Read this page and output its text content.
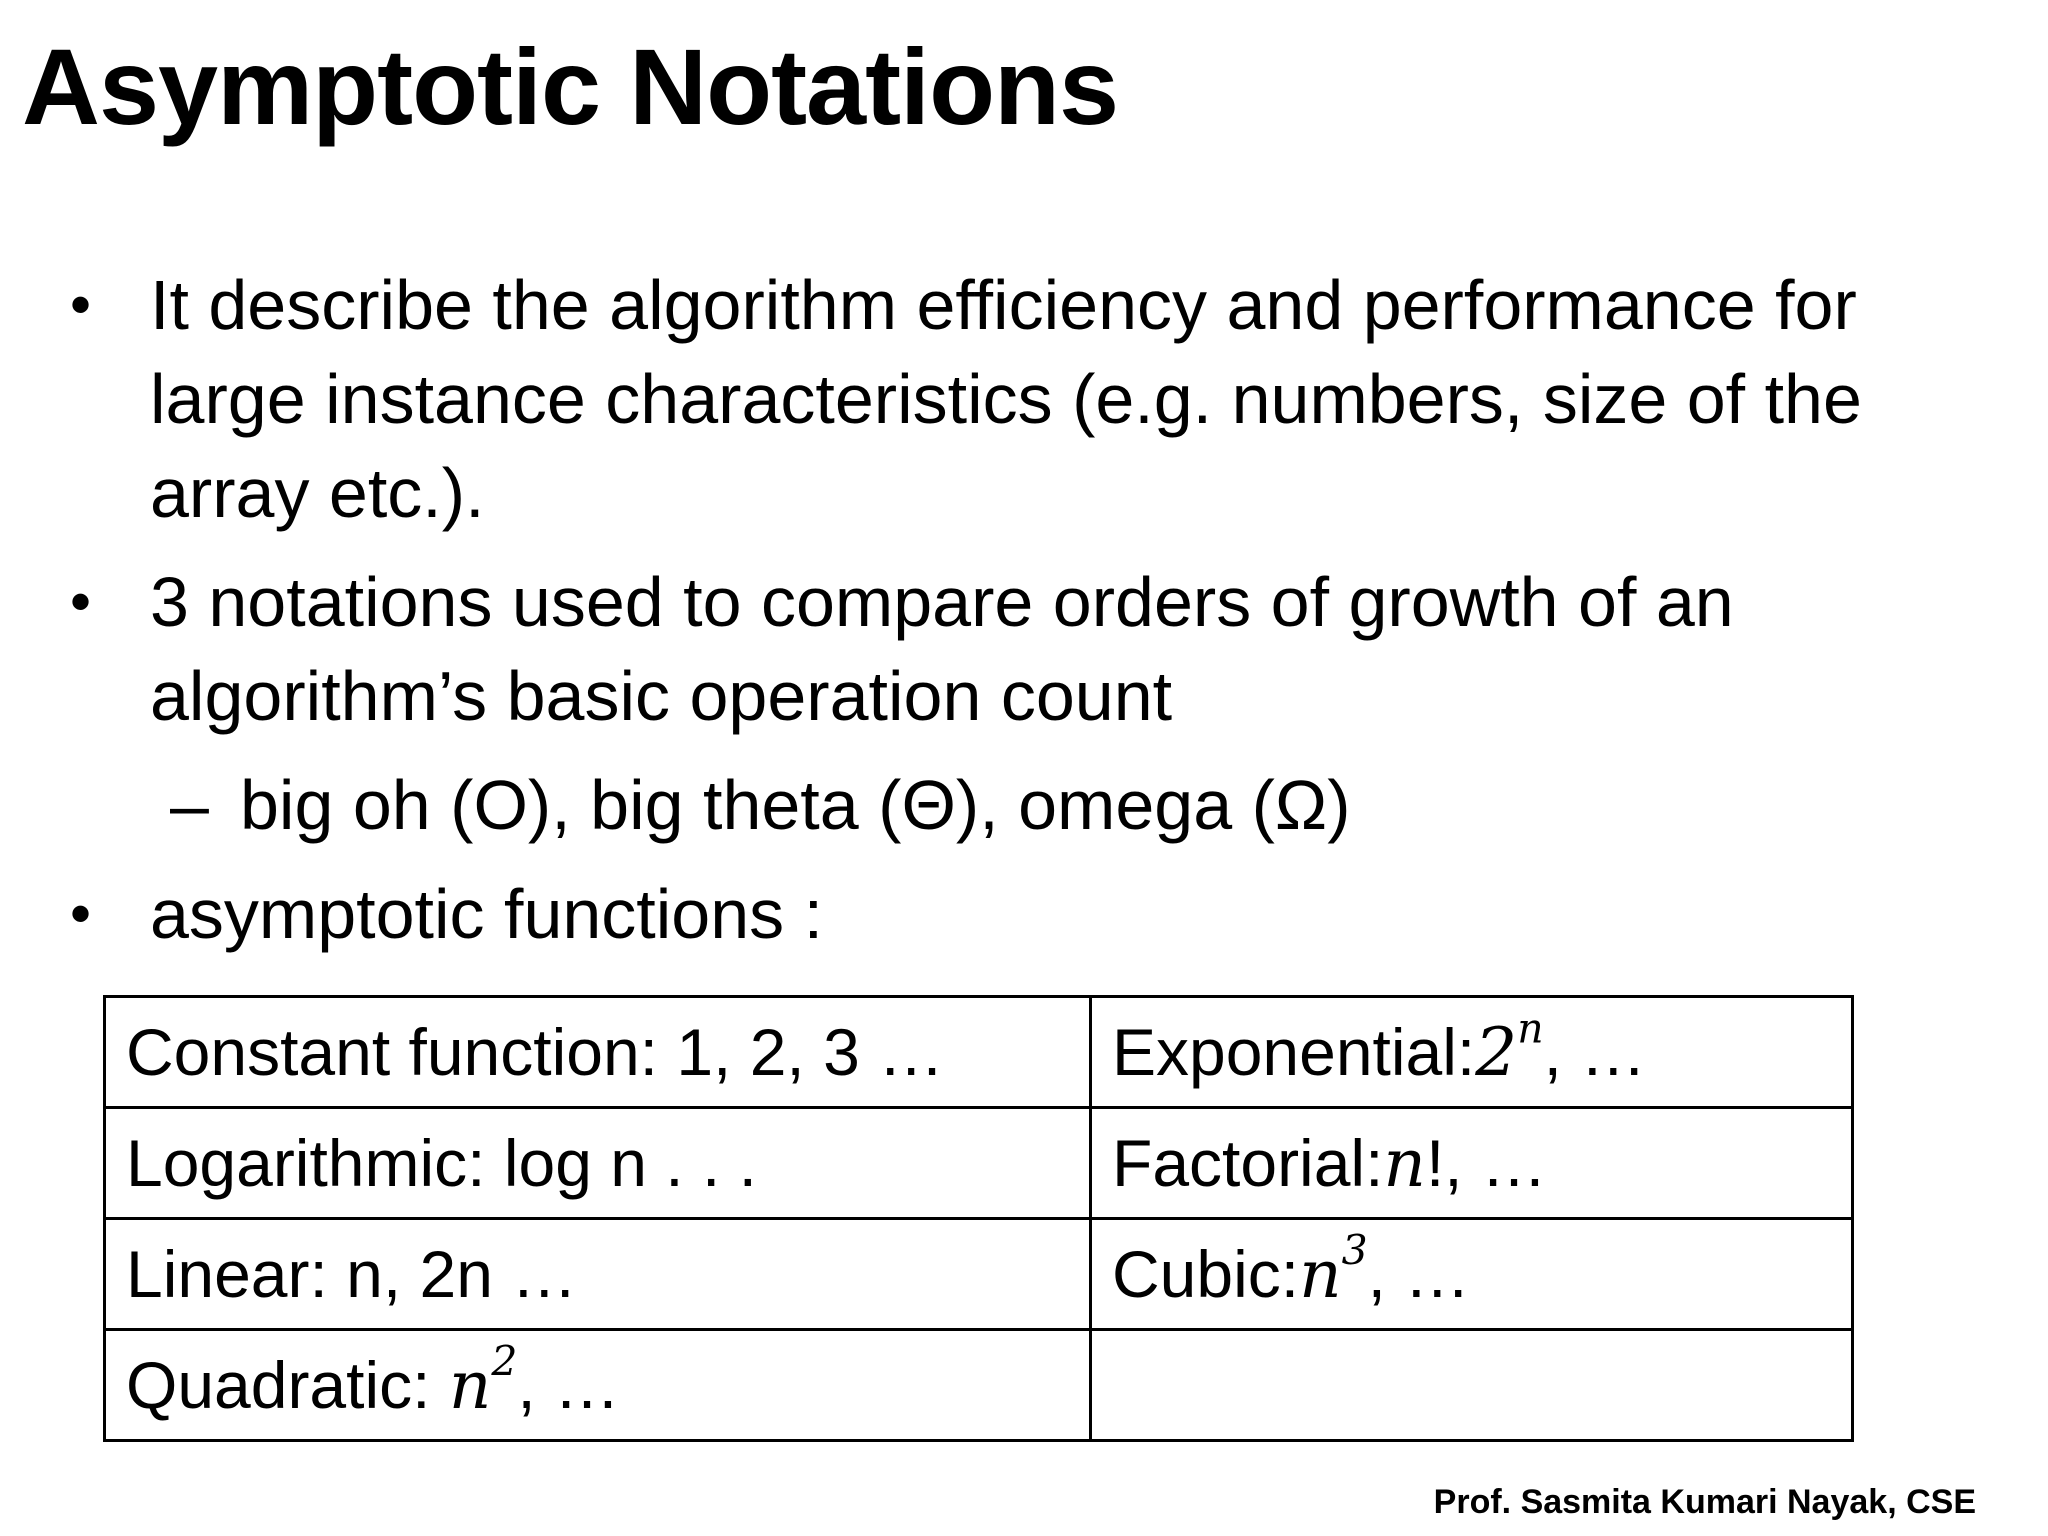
Asymptotic Notations
• It describe the algorithm efficiency and performance for large instance characteristics (e.g. numbers, size of the array etc.).
• 3 notations used to compare orders of growth of an algorithm’s basic operation count
– big oh (O), big theta (Θ), omega (Ω)
• asymptotic functions :
Constant function: 1, 2, 3 …	Exponential:2$^n$, …
Logarithmic: log n . . .	Factorial:n!, …
Linear: n, 2n …	$Cubic:n^3$, …
Quadratic: $n^2$, …	
Prof. Sasmita Kumari Nayak, CSE
